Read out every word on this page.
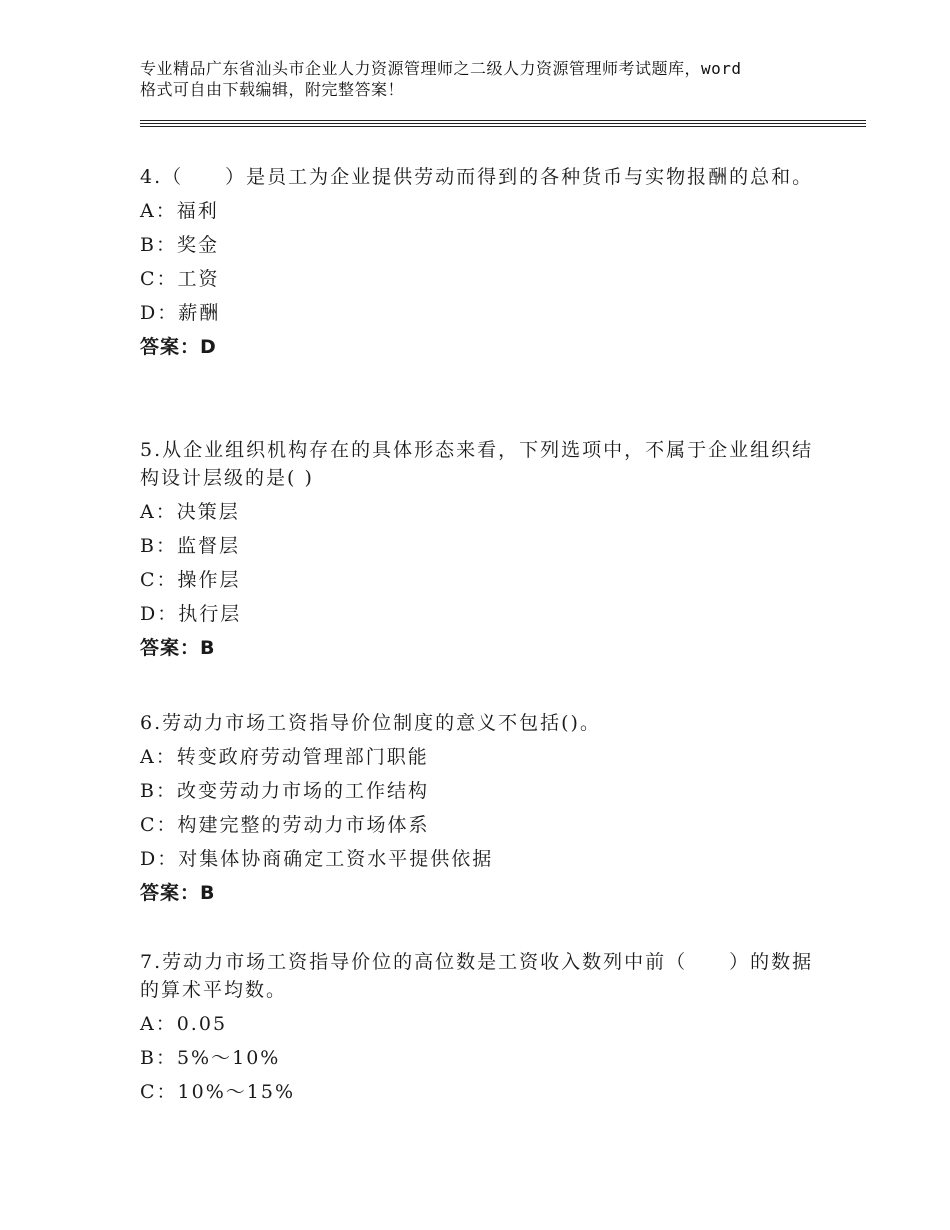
专业精品广东省汕头市企业人力资源管理师之二级人力资源管理师考试题库，word
格式可自由下载编辑，附完整答案！
4.（　　）是员工为企业提供劳动而得到的各种货币与实物报酬的总和。
A：福利
B：奖金
C：工资
D：薪酬
答案：D
5.从企业组织机构存在的具体形态来看，下列选项中，不属于企业组织结构设计层级的是( )
A：决策层
B：监督层
C：操作层
D：执行层
答案：B
6.劳动力市场工资指导价位制度的意义不包括()。
A：转变政府劳动管理部门职能
B：改变劳动力市场的工作结构
C：构建完整的劳动力市场体系
D：对集体协商确定工资水平提供依据
答案：B
7.劳动力市场工资指导价位的高位数是工资收入数列中前（　　）的数据的算术平均数。
A：0.05
B：5%～10%
C：10%～15%
